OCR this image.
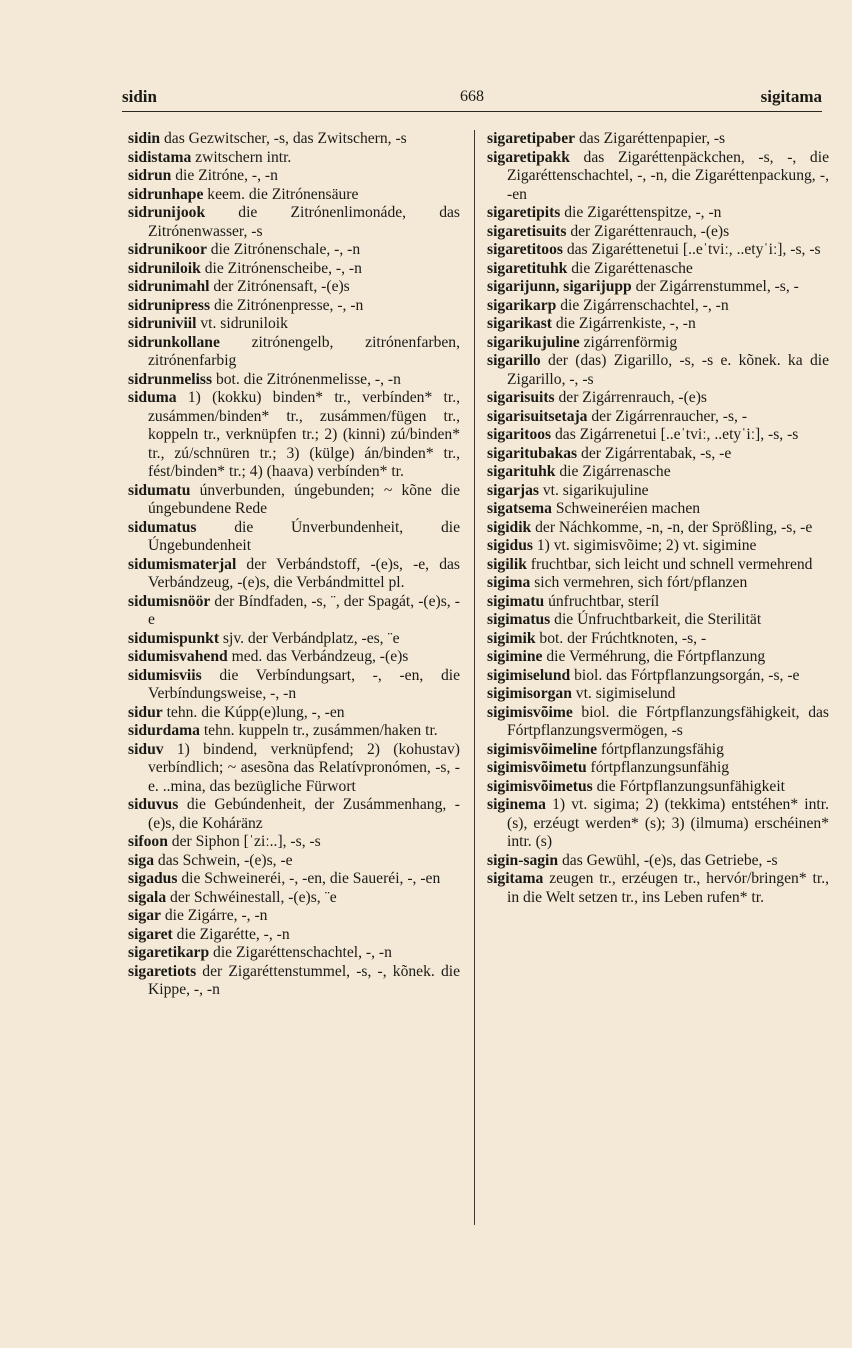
sidin	668	sigitama

sidin das Gezwitscher, -s, das Zwitschern, -s

sidistama zwitschern intr.

sidrun die Zitróne, -, -n

sidrunhape keem. die Zitrónensäure

sidrunijook die Zitrónenlimonáde, das Zitrónenwasser, -s

sidrunikoor die Zitrónenschale, -, -n

sidruniloik die Zitrónenscheibe, -, -n

sidrunimahl der Zitrónensaft, -(e)s

sidrunipress die Zitrónenpresse, -, -n

sidruniviil vt. sidruniloik

sidrunkollane zitrónengelb, zitrónenfarben, zitrónenfarbig

sidrunmeliss bot. die Zitrónenmelisse, -, -n

siduma 1) (kokku) binden* tr., verbínden* tr., zusámmen/binden* tr., zusámmen/fügen tr., koppeln tr., verknüpfen tr.; 2) (kinni) zú/binden* tr., zú/schnüren tr.; 3) (külge) án/binden* tr., fést/binden* tr.; 4) (haava) verbínden* tr.

sidumatu únverbunden, úngebunden; ~ kõne die úngebundene Rede

sidumatus die Únverbundenheit, die Úngebundenheit

sidumismaterjal der Verbándstoff, -(e)s, -e, das Verbándzeug, -(e)s, die Verbándmittel pl.

sidumisnöör der Bíndfaden, -s, ¨, der Spagát, -(e)s, -e

sidumispunkt sjv. der Verbándplatz, -es, ¨e

sidumisvahend med. das Verbándzeug, -(e)s

sidumisviis die Verbíndungsart, -, -en, die Verbíndungsweise, -, -n

sidur tehn. die Kúpp(e)lung, -, -en

sidurdama tehn. kuppeln tr., zusámmen/haken tr.

siduv 1) bindend, verknüpfend; 2) (kohustav) verbíndlich; ~ asesõna das Relatívpronómen, -s, - e. ..mina, das bezügliche Fürwort

siduvus die Gebúndenheit, der Zusámmenhang, -(e)s, die Koháränz

sifoon der Siphon [ˈziː..], -s, -s

siga das Schwein, -(e)s, -e

sigadus die Schweineréi, -, -en, die Saueréi, -, -en

sigala der Schwéinestall, -(e)s, ¨e

sigar die Zigárre, -, -n

sigaret die Zigarétte, -, -n

sigaretikarp die Zigaréttenschachtel, -, -n

sigaretiots der Zigaréttenstummel, -s, -, kõnek. die Kippe, -, -n

sigaretipaber das Zigaréttenpapier, -s

sigaretipakk das Zigaréttenpäckchen, -s, -, die Zigaréttenschachtel, -, -n, die Zigaréttenpackung, -, -en

sigaretipits die Zigaréttenspitze, -, -n

sigaretisuits der Zigaréttenrauch, -(e)s

sigaretitoos das Zigaréttenetui [..eˈtviː, ..etyˈiː], -s, -s

sigaretituhk die Zigaréttenasche

sigarijunn, sigarijupp der Zigárrenstummel, -s, -

sigarikarp die Zigárrenschachtel, -, -n

sigarikast die Zigárrenkiste, -, -n

sigarikujuline zigárrenförmig

sigarillo der (das) Zigarillo, -s, -s e. kõnek. ka die Zigarillo, -, -s

sigarisuits der Zigárrenrauch, -(e)s

sigarisuitsetaja der Zigárrenraucher, -s, -

sigaritoos das Zigárrenetui [..eˈtviː, ..etyˈiː], -s, -s

sigaritubakas der Zigárrentabak, -s, -e

sigarituhk die Zigárrenasche

sigarjas vt. sigarikujuline

sigatsema Schweineréien machen

sigidik der Náchkomme, -n, -n, der Sprößling, -s, -e

sigidus 1) vt. sigimisvõime; 2) vt. sigimine

sigilik fruchtbar, sich leicht und schnell vermehrend

sigima sich vermehren, sich fórt/pflanzen

sigimatu únfruchtbar, steríl

sigimatus die Únfruchtbarkeit, die Sterilität

sigimik bot. der Frúchtknoten, -s, -

sigimine die Verméhrung, die Fórtpflanzung

sigimiselund biol. das Fórtpflanzungsorgán, -s, -e

sigimisorgan vt. sigimiselund

sigimisvõime biol. die Fórtpflanzungsfähigkeit, das Fórtpflanzungsvermögen, -s

sigimisvõimeline fórtpflanzungsfähig

sigimisvõimetu fórtpflanzungsunfähig

sigimisvõimetus die Fórtpflanzungsunfähigkeit

siginema 1) vt. sigima; 2) (tekkima) entstéhen* intr. (s), erzéugt werden* (s); 3) (ilmuma) erschéinen* intr. (s)

sigin-sagin das Gewühl, -(e)s, das Getriebe, -s

sigitama zeugen tr., erzéugen tr., hervór/bringen* tr., in die Welt setzen tr., ins Leben rufen* tr.
